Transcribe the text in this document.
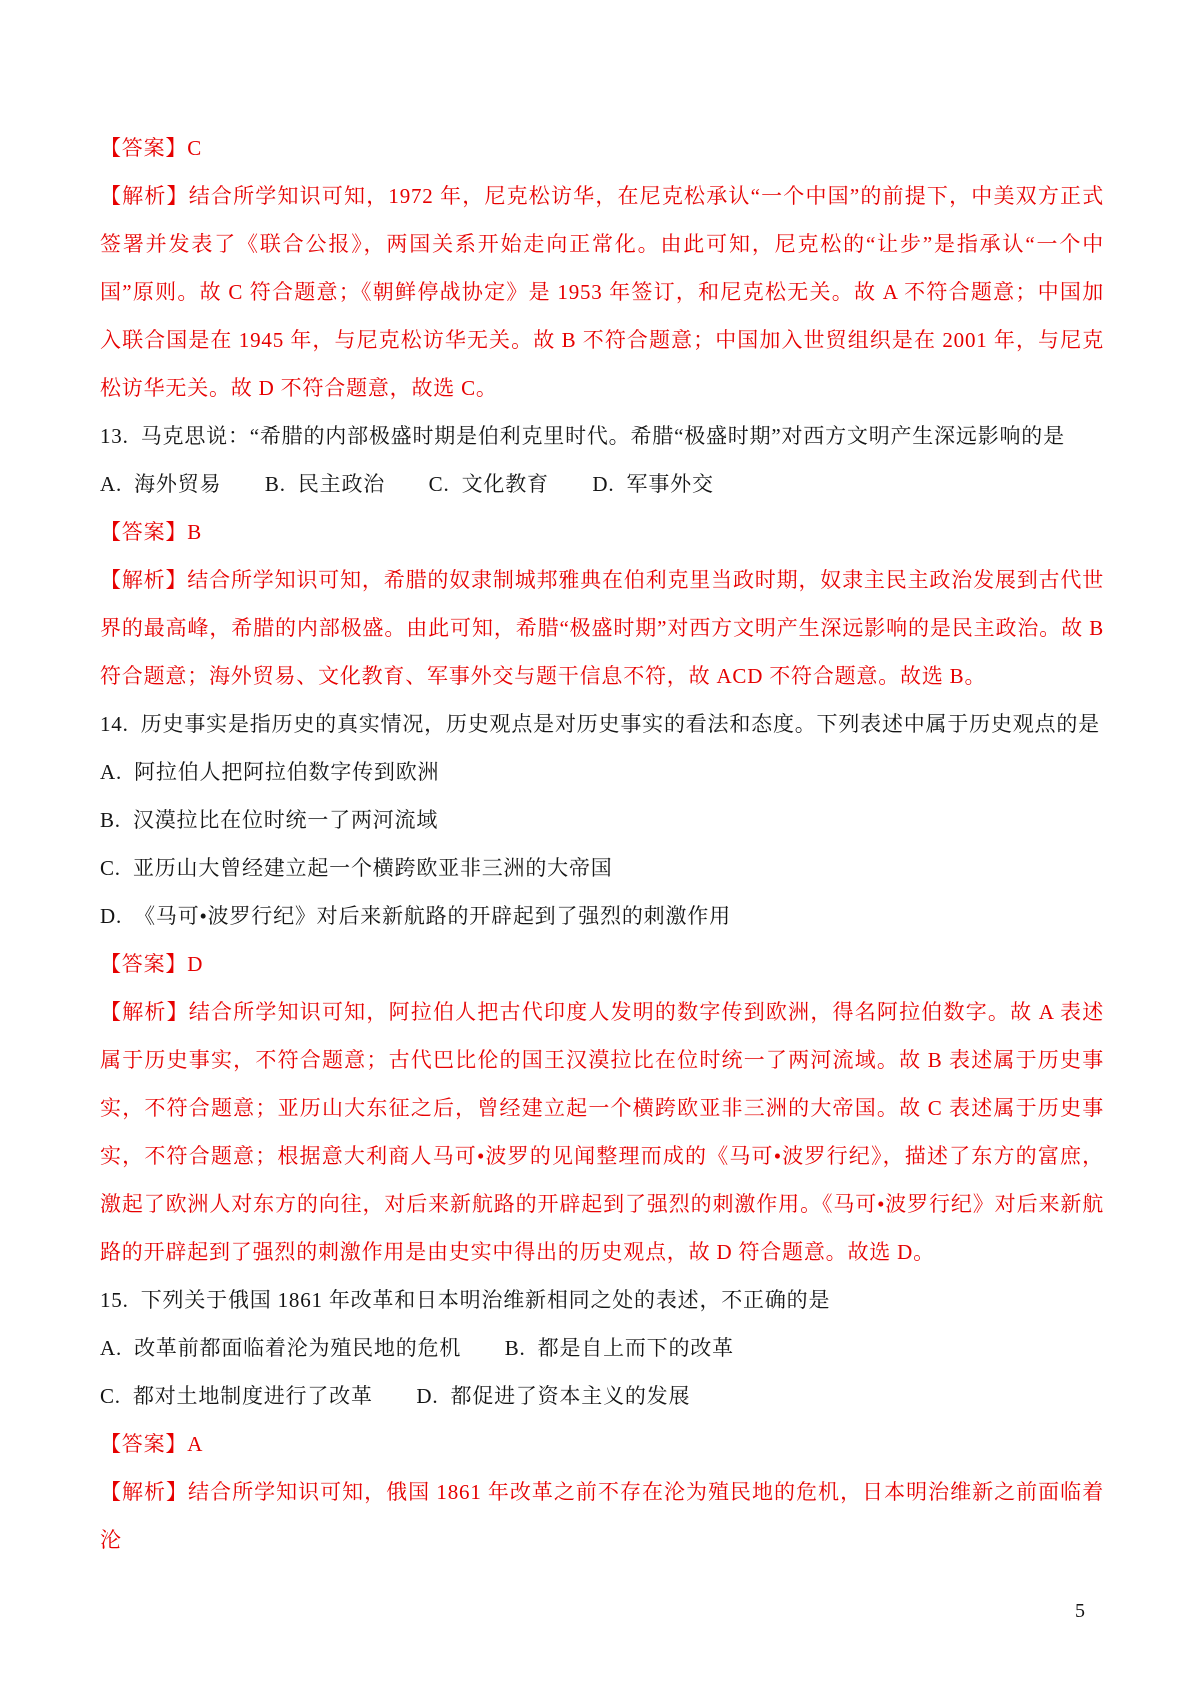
【答案】C

【解析】结合所学知识可知，1972 年，尼克松访华，在尼克松承认“一个中国”的前提下，中美双方正式签署并发表了《联合公报》，两国关系开始走向正常化。由此可知，尼克松的“让步”是指承认“一个中国”原则。故 C 符合题意；《朝鲜停战协定》是 1953 年签订，和尼克松无关。故 A 不符合题意；中国加入联合国是在 1945 年，与尼克松访华无关。故 B 不符合题意；中国加入世贸组织是在 2001 年，与尼克松访华无关。故 D 不符合题意，故选 C。

13.  马克思说：“希腊的内部极盛时期是伯利克里时代。希腊“极盛时期”对西方文明产生深远影响的是

A.  海外贸易　　B.  民主政治　　C.  文化教育　　D.  军事外交

【答案】B

【解析】结合所学知识可知，希腊的奴隶制城邦雅典在伯利克里当政时期，奴隶主民主政治发展到古代世界的最高峰，希腊的内部极盛。由此可知，希腊“极盛时期”对西方文明产生深远影响的是民主政治。故 B 符合题意；海外贸易、文化教育、军事外交与题干信息不符，故 ACD 不符合题意。故选 B。

14.  历史事实是指历史的真实情况，历史观点是对历史事实的看法和态度。下列表述中属于历史观点的是

A.  阿拉伯人把阿拉伯数字传到欧洲

B.  汉漠拉比在位时统一了两河流域

C.  亚历山大曾经建立起一个横跨欧亚非三洲的大帝国

D.  《马可•波罗行纪》对后来新航路的开辟起到了强烈的刺激作用

【答案】D

【解析】结合所学知识可知，阿拉伯人把古代印度人发明的数字传到欧洲，得名阿拉伯数字。故 A 表述属于历史事实，不符合题意；古代巴比伦的国王汉漠拉比在位时统一了两河流域。故 B 表述属于历史事实，不符合题意；亚历山大东征之后，曾经建立起一个横跨欧亚非三洲的大帝国。故 C 表述属于历史事实，不符合题意；根据意大利商人马可•波罗的见闻整理而成的《马可•波罗行纪》，描述了东方的富庶，激起了欧洲人对东方的向往，对后来新航路的开辟起到了强烈的刺激作用。《马可•波罗行纪》对后来新航路的开辟起到了强烈的刺激作用是由史实中得出的历史观点，故 D 符合题意。故选 D。

15.  下列关于俄国 1861 年改革和日本明治维新相同之处的表述，不正确的是

A.  改革前都面临着沦为殖民地的危机　　B.  都是自上而下的改革

C.  都对土地制度进行了改革　　D.  都促进了资本主义的发展

【答案】A

【解析】结合所学知识可知，俄国 1861 年改革之前不存在沦为殖民地的危机，日本明治维新之前面临着沦

5
